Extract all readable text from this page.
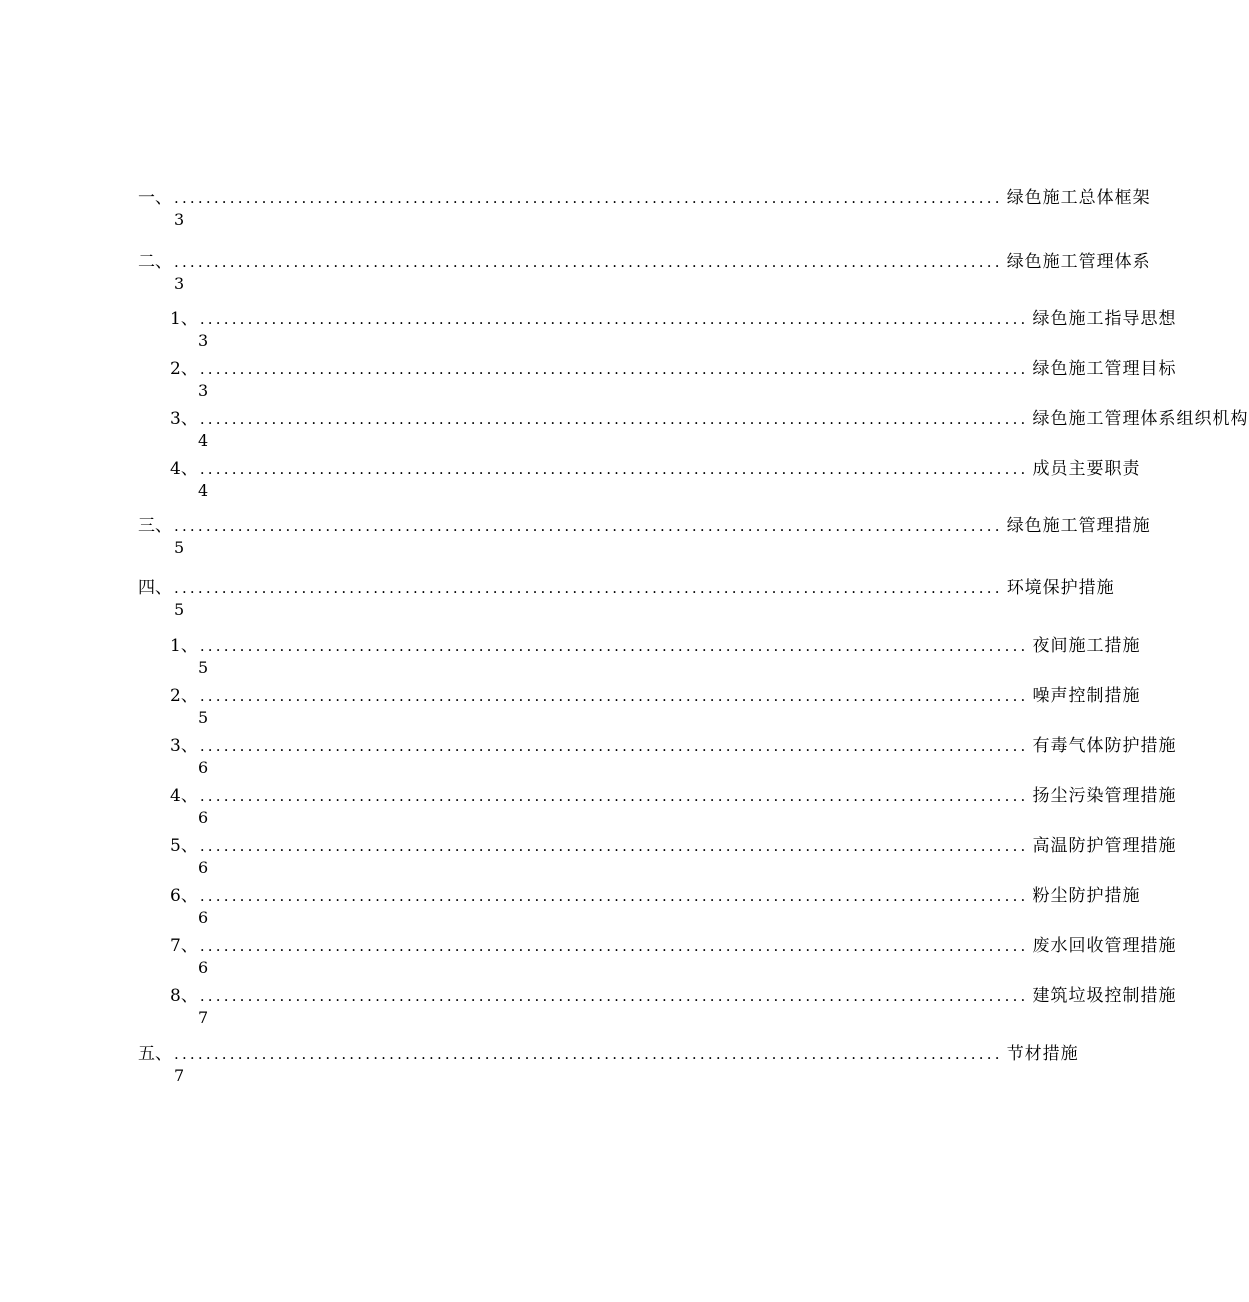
一、 ........................................................................................................ 绿色施工总体框架
3
二、 ........................................................................................................ 绿色施工管理体系
3
1、 ........................................................................................................ 绿色施工指导思想
3
2、 ........................................................................................................ 绿色施工管理目标
3
3、 ........................................................................................................ 绿色施工管理体系组织机构
4
4、 ........................................................................................................ 成员主要职责
4
三、 ........................................................................................................ 绿色施工管理措施
5
四、 ........................................................................................................ 环境保护措施
5
1、 ........................................................................................................ 夜间施工措施
5
2、 ........................................................................................................ 噪声控制措施
5
3、 ........................................................................................................ 有毒气体防护措施
6
4、 ........................................................................................................ 扬尘污染管理措施
6
5、 ........................................................................................................ 高温防护管理措施
6
6、 ........................................................................................................ 粉尘防护措施
6
7、 ........................................................................................................ 废水回收管理措施
6
8、 ........................................................................................................ 建筑垃圾控制措施
7
五、 ........................................................................................................ 节材措施
7
